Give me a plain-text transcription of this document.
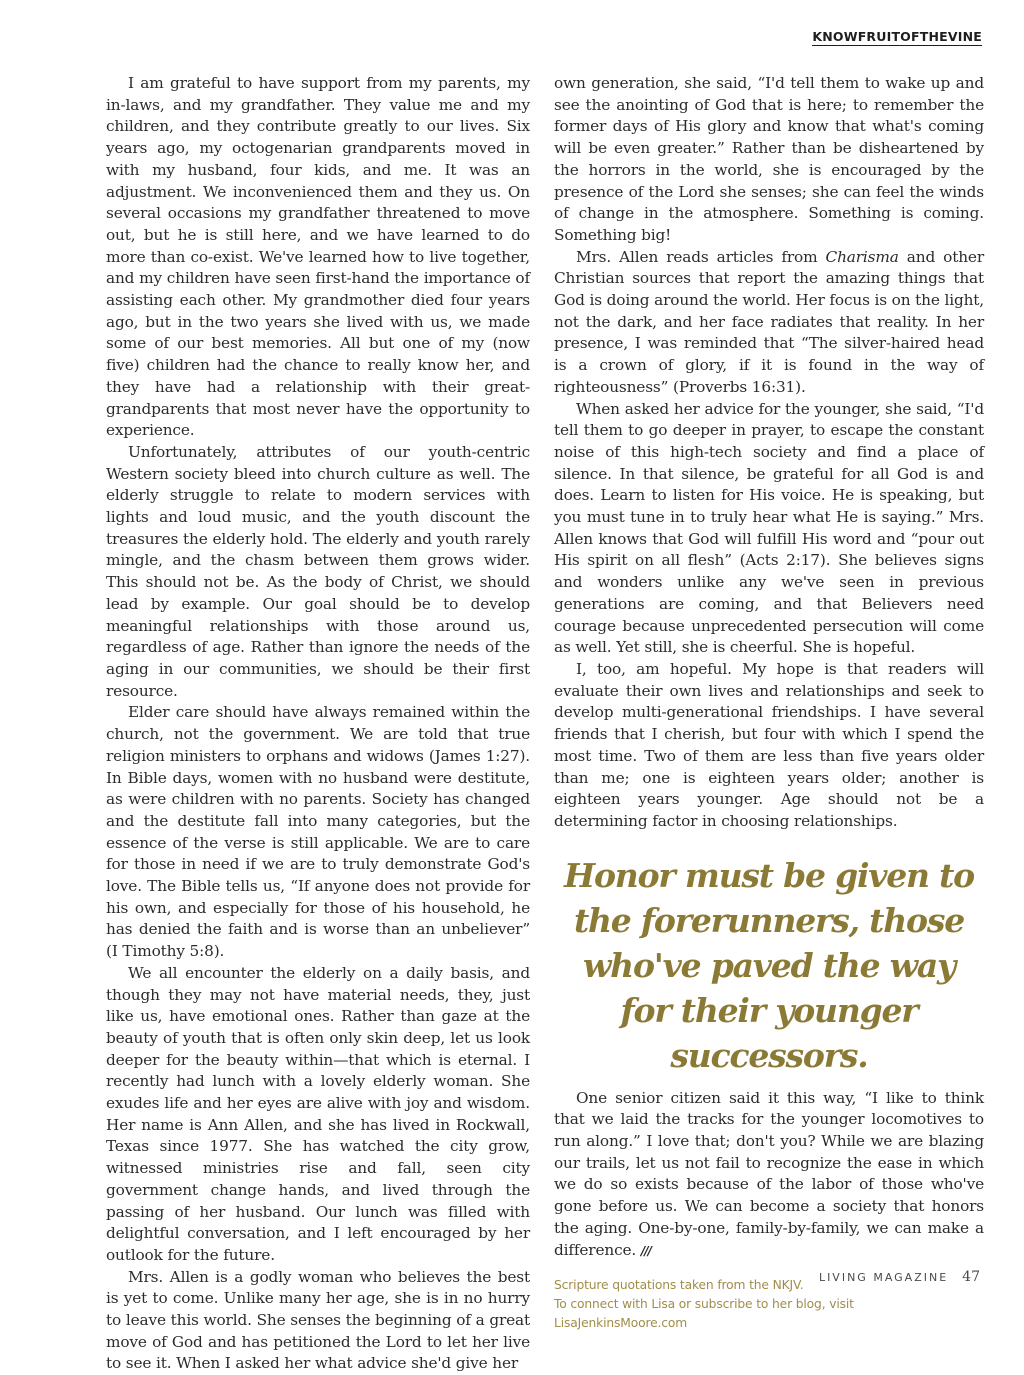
KNOWFRUITOFTHEVINE

I am grateful to have support from my parents, my in-laws, and my grandfather. They value me and my children, and they contribute greatly to our lives. Six years ago, my octogenarian grandparents moved in with my husband, four kids, and me. It was an adjustment. We inconvenienced them and they us. On several occasions my grandfather threatened to move out, but he is still here, and we have learned to do more than co-exist. We've learned how to live together, and my children have seen first-hand the importance of assisting each other. My grandmother died four years ago, but in the two years she lived with us, we made some of our best memories. All but one of my (now five) children had the chance to really know her, and they have had a relationship with their great-grandparents that most never have the opportunity to experience.

Unfortunately, attributes of our youth-centric Western society bleed into church culture as well. The elderly struggle to relate to modern services with lights and loud music, and the youth discount the treasures the elderly hold. The elderly and youth rarely mingle, and the chasm between them grows wider. This should not be. As the body of Christ, we should lead by example. Our goal should be to develop meaningful relationships with those around us, regardless of age. Rather than ignore the needs of the aging in our communities, we should be their first resource.

Elder care should have always remained within the church, not the government. We are told that true religion ministers to orphans and widows (James 1:27). In Bible days, women with no husband were destitute, as were children with no parents. Society has changed and the destitute fall into many categories, but the essence of the verse is still applicable. We are to care for those in need if we are to truly demonstrate God's love. The Bible tells us, “If anyone does not provide for his own, and especially for those of his household, he has denied the faith and is worse than an unbeliever” (I Timothy 5:8).

We all encounter the elderly on a daily basis, and though they may not have material needs, they, just like us, have emotional ones. Rather than gaze at the beauty of youth that is often only skin deep, let us look deeper for the beauty within—that which is eternal. I recently had lunch with a lovely elderly woman. She exudes life and her eyes are alive with joy and wisdom. Her name is Ann Allen, and she has lived in Rockwall, Texas since 1977. She has watched the city grow, witnessed ministries rise and fall, seen city government change hands, and lived through the passing of her husband. Our lunch was filled with delightful conversation, and I left encouraged by her outlook for the future.

Mrs. Allen is a godly woman who believes the best is yet to come. Unlike many her age, she is in no hurry to leave this world. She senses the beginning of a great move of God and has petitioned the Lord to let her live to see it. When I asked her what advice she'd give her

own generation, she said, “I'd tell them to wake up and see the anointing of God that is here; to remember the former days of His glory and know that what's coming will be even greater.” Rather than be disheartened by the horrors in the world, she is encouraged by the presence of the Lord she senses; she can feel the winds of change in the atmosphere. Something is coming. Something big!

Mrs. Allen reads articles from Charisma and other Christian sources that report the amazing things that God is doing around the world. Her focus is on the light, not the dark, and her face radiates that reality. In her presence, I was reminded that “The silver-haired head is a crown of glory, if it is found in the way of righteousness” (Proverbs 16:31).

When asked her advice for the younger, she said, “I'd tell them to go deeper in prayer, to escape the constant noise of this high-tech society and find a place of silence. In that silence, be grateful for all God is and does. Learn to listen for His voice. He is speaking, but you must tune in to truly hear what He is saying.” Mrs. Allen knows that God will fulfill His word and “pour out His spirit on all flesh” (Acts 2:17). She believes signs and wonders unlike any we've seen in previous generations are coming, and that Believers need courage because unprecedented persecution will come as well. Yet still, she is cheerful. She is hopeful.

I, too, am hopeful. My hope is that readers will evaluate their own lives and relationships and seek to develop multi-generational friendships. I have several friends that I cherish, but four with which I spend the most time. Two of them are less than five years older than me; one is eighteen years older; another is eighteen years younger. Age should not be a determining factor in choosing relationships.

Honor must be given to the forerunners, those who've paved the way for their younger successors.

One senior citizen said it this way, “I like to think that we laid the tracks for the younger locomotives to run along.” I love that; don't you? While we are blazing our trails, let us not fail to recognize the ease in which we do so exists because of the labor of those who've gone before us. We can become a society that honors the aging. One-by-one, family-by-family, we can make a difference. ///

Scripture quotations taken from the NKJV.
To connect with Lisa or subscribe to her blog, visit
LisaJenkinsMoore.com
LIVING MAGAZINE 47
